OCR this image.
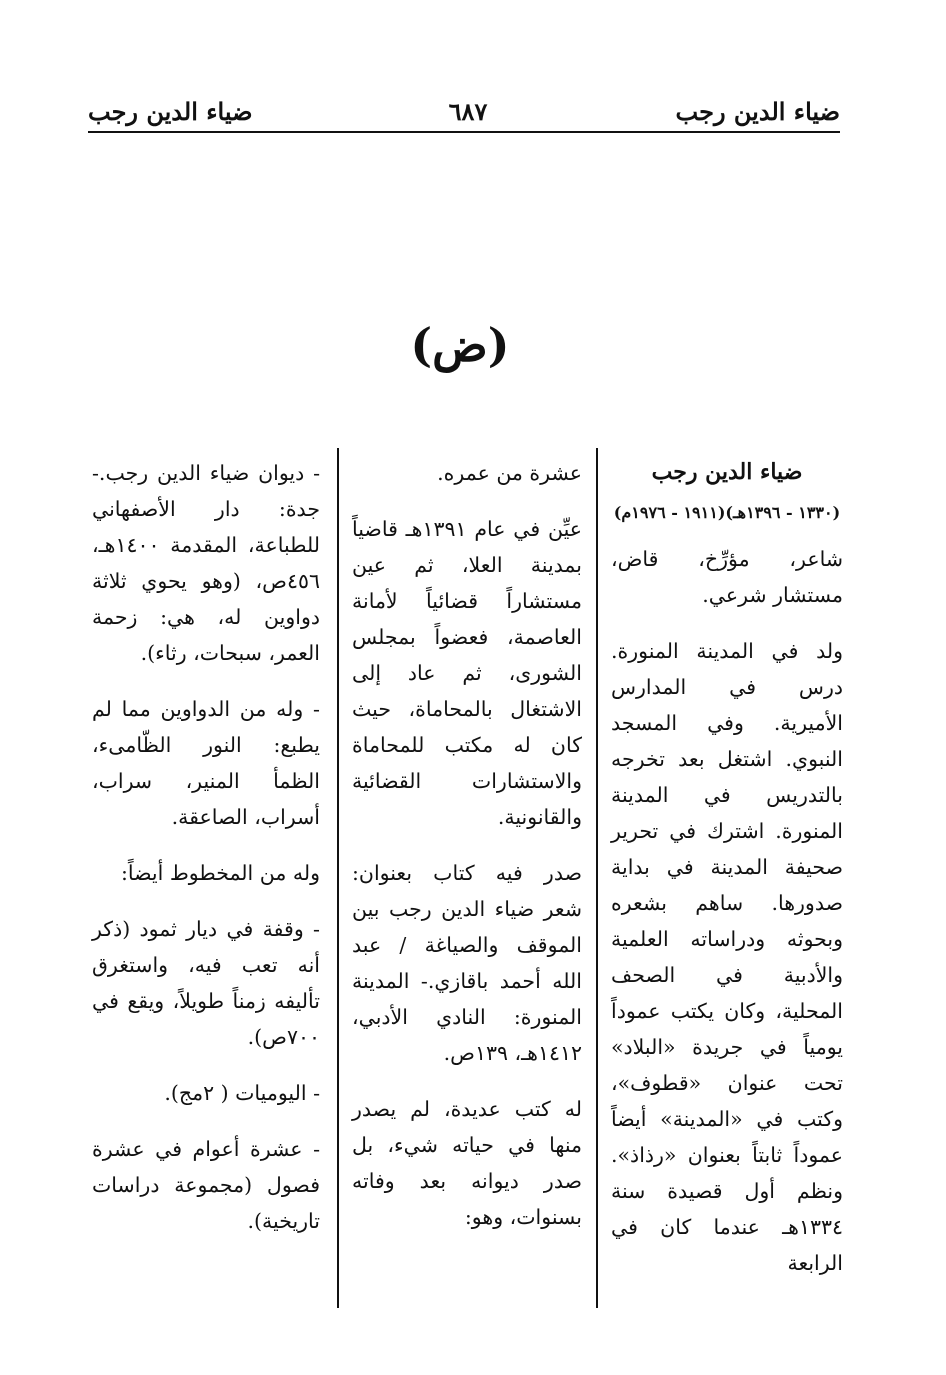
ضياء الدين رجب
٦٨٧
ضياء الدين رجب
(ض)

ضياء الدين رجب

(١٣٣٠ - ١٣٩٦هـ)(١٩١١ - ١٩٧٦م)

شاعر، مؤرِّخ، قاض، مستشار شرعي.

ولد في المدينة المنورة. درس في المدارس الأميرية. وفي المسجد النبوي. اشتغل بعد تخرجه بالتدريس في المدينة المنورة. اشترك في تحرير صحيفة المدينة في بداية صدورها. ساهم بشعره وبحوثه ودراساته العلمية والأدبية في الصحف المحلية، وكان يكتب عموداً يومياً في جريدة «البلاد» تحت عنوان «قطوف»، وكتب في «المدينة» أيضاً عموداً ثابتاً بعنوان «رذاذ». ونظم أول قصيدة سنة ١٣٣٤هـ عندما كان في الرابعة

عشرة من عمره.

عيِّن في عام ١٣٩١هـ قاضياً بمدينة العلا، ثم عين مستشاراً قضائياً لأمانة العاصمة، فعضواً بمجلس الشورى، ثم عاد إلى الاشتغال بالمحاماة، حيث كان له مكتب للمحاماة والاستشارات القضائية والقانونية.

صدر فيه كتاب بعنوان: شعر ضياء الدين رجب بين الموقف والصياغة / عبد الله أحمد باقازي.- المدينة المنورة: النادي الأدبي، ١٤١٢هـ، ١٣٩ص.

له كتب عديدة، لم يصدر منها في حياته شيء، بل صدر ديوانه بعد وفاته بسنوات، وهو:

- ديوان ضياء الدين رجب.- جدة: دار الأصفهاني للطباعة، المقدمة ١٤٠٠هـ، ٤٥٦ص، (وهو يحوي ثلاثة دواوين له، هي: زحمة العمر، سبحات، رثاء).

- وله من الدواوين مما لم يطبع: النور الظّامىء، الظمأ المنير، سراب، أسراب، الصاعقة.

وله من المخطوط أيضاً:

- وقفة في ديار ثمود (ذكر أنه تعب فيه، واستغرق تأليفه زمناً طويلاً، ويقع في ٧٠٠ص).

- اليوميات ( ٢مج).

- عشرة أعوام في عشرة فصول (مجموعة دراسات تاريخية).
